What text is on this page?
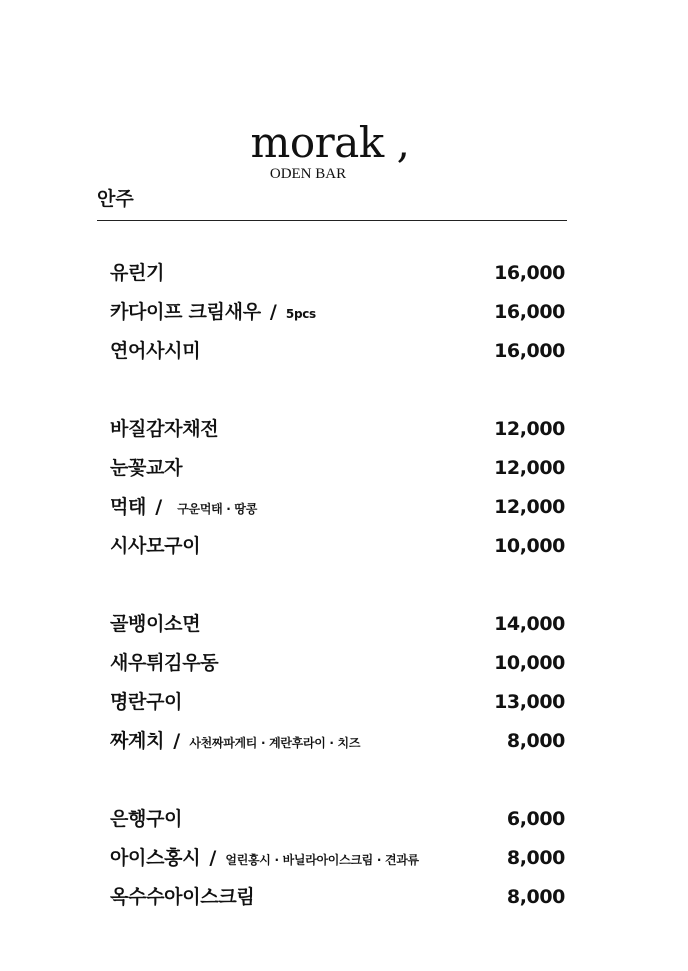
morak ,
ODEN BAR
안주
유린기	16,000
카다이프 크림새우 / 5pcs	16,000
연어사시미	16,000
바질감자채전	12,000
눈꽃교자	12,000
먹태 / 구운먹태 · 땅콩	12,000
시사모구이	10,000
골뱅이소면	14,000
새우튀김우동	10,000
명란구이	13,000
짜계치 / 사천짜파게티 · 계란후라이 · 치즈	8,000
은행구이	6,000
아이스홍시 / 얼린홍시 · 바닐라아이스크림 · 견과류	8,000
옥수수아이스크림	8,000
